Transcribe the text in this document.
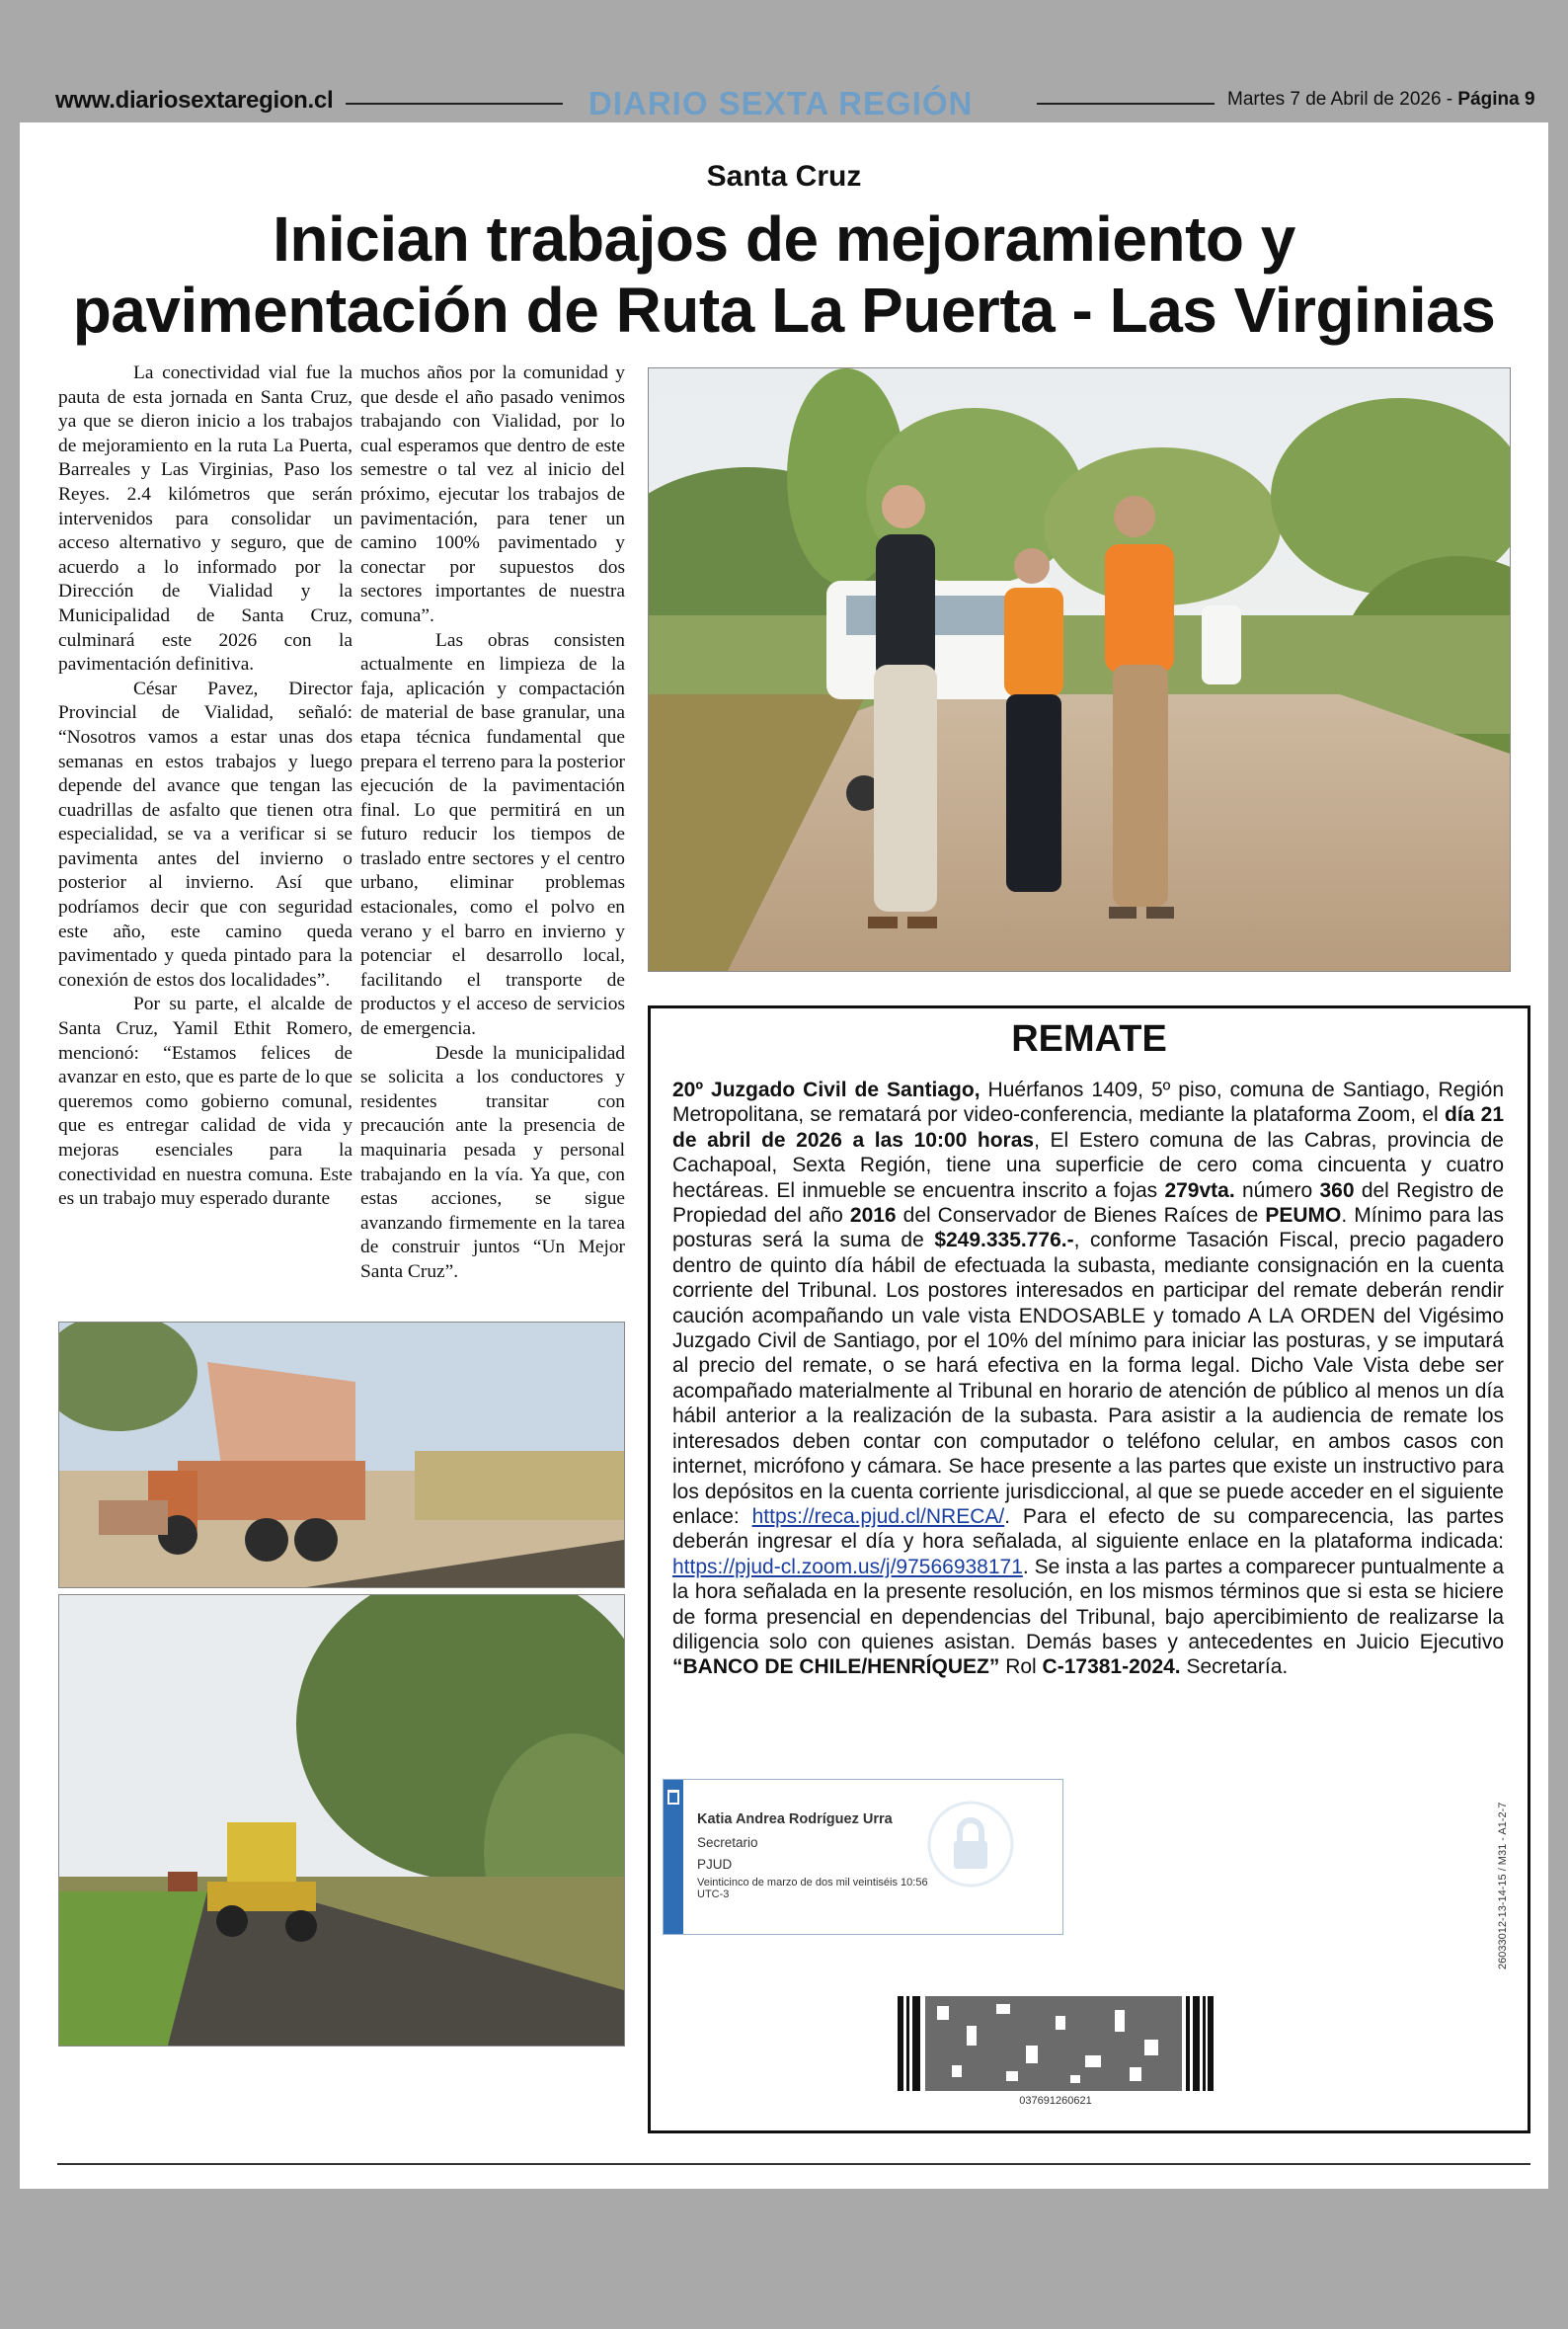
www.diariosextaregion.cl	DIARIO SEXTA REGIÓN	Martes 7 de Abril de 2026 - Página 9
Santa Cruz
Inician trabajos de mejoramiento y
pavimentación de Ruta La Puerta - Las Virginias

La conectividad vial fue la pauta de esta jornada en Santa Cruz, ya que se dieron inicio a los trabajos de mejoramiento en la ruta La Puerta, Barreales y Las Virginias, Paso los Reyes. 2.4 kilómetros que serán intervenidos para consolidar un acceso alternativo y seguro, que de acuerdo a lo informado por la Dirección de Vialidad y la Municipalidad de Santa Cruz, culminará este 2026 con la pavimentación definitiva.

César Pavez, Director Provincial de Vialidad, señaló: “Nosotros vamos a estar unas dos semanas en estos trabajos y luego depende del avance que tengan las cuadrillas de asfalto que tienen otra especialidad, se va a verificar si se pavimenta antes del invierno o posterior al invierno. Así que podríamos decir que con seguridad este año, este camino queda pavimentado y queda pintado para la conexión de estos dos localidades”.

Por su parte, el alcalde de Santa Cruz, Yamil Ethit Romero, mencionó: “Estamos felices de avanzar en esto, que es parte de lo que queremos como gobierno comunal, que es entregar calidad de vida y mejoras esenciales para la conectividad en nuestra comuna. Este es un trabajo muy esperado durante

muchos años por la comunidad y que desde el año pasado venimos trabajando con Vialidad, por lo cual esperamos que dentro de este semestre o tal vez al inicio del próximo, ejecutar los trabajos de pavimentación, para tener un camino 100% pavimentado y conectar por supuestos dos sectores importantes de nuestra comuna”.

Las obras consisten actualmente en limpieza de la faja, aplicación y compactación de material de base granular, una etapa técnica fundamental que prepara el terreno para la posterior ejecución de la pavimentación final. Lo que permitirá en un futuro reducir los tiempos de traslado entre sectores y el centro urbano, eliminar problemas estacionales, como el polvo en verano y el barro en invierno y potenciar el desarrollo local, facilitando el transporte de productos y el acceso de servicios de emergencia.

Desde la municipalidad se solicita a los conductores y residentes transitar con precaución ante la presencia de maquinaria pesada y personal trabajando en la vía. Ya que, con estas acciones, se sigue avanzando firmemente en la tarea de construir juntos “Un Mejor Santa Cruz”.

REMATE
20º Juzgado Civil de Santiago, Huérfanos 1409, 5º piso, comuna de Santiago, Región Metropolitana, se rematará por video-conferencia, mediante la plataforma Zoom, el día 21 de abril de 2026 a las 10:00 horas, El Estero comuna de las Cabras, provincia de Cachapoal, Sexta Región, tiene una superficie de cero coma cincuenta y cuatro hectáreas. El inmueble se encuentra inscrito a fojas 279vta. número 360 del Registro de Propiedad del año 2016 del Conservador de Bienes Raíces de PEUMO. Mínimo para las posturas será la suma de $249.335.776.-, conforme Tasación Fiscal, precio pagadero dentro de quinto día hábil de efectuada la subasta, mediante consignación en la cuenta corriente del Tribunal. Los postores interesados en participar del remate deberán rendir caución acompañando un vale vista ENDOSABLE y tomado A LA ORDEN del Vigésimo Juzgado Civil de Santiago, por el 10% del mínimo para iniciar las posturas, y se imputará al precio del remate, o se hará efectiva en la forma legal. Dicho Vale Vista debe ser acompañado materialmente al Tribunal en horario de atención de público al menos un día hábil anterior a la realización de la subasta. Para asistir a la audiencia de remate los interesados deben contar con computador o teléfono celular, en ambos casos con internet, micrófono y cámara. Se hace presente a las partes que existe un instructivo para los depósitos en la cuenta corriente jurisdiccional, al que se puede acceder en el siguiente enlace: https://reca.pjud.cl/NRECA/. Para el efecto de su comparecencia, las partes deberán ingresar el día y hora señalada, al siguiente enlace en la plataforma indicada: https://pjud-cl.zoom.us/j/97566938171. Se insta a las partes a comparecer puntualmente a la hora señalada en la presente resolución, en los mismos términos que si esta se hiciere de forma presencial en dependencias del Tribunal, bajo apercibimiento de realizarse la diligencia solo con quienes asistan. Demás bases y antecedentes en Juicio Ejecutivo “BANCO DE CHILE/HENRÍQUEZ” Rol C-17381-2024. Secretaría.
Katia Andrea Rodríguez Urra
Secretario
PJUD
Veinticinco de marzo de dos mil veintiséis 10:56 UTC-3
037691260621
26033012-13-14-15 / M31 - A1-2-7
